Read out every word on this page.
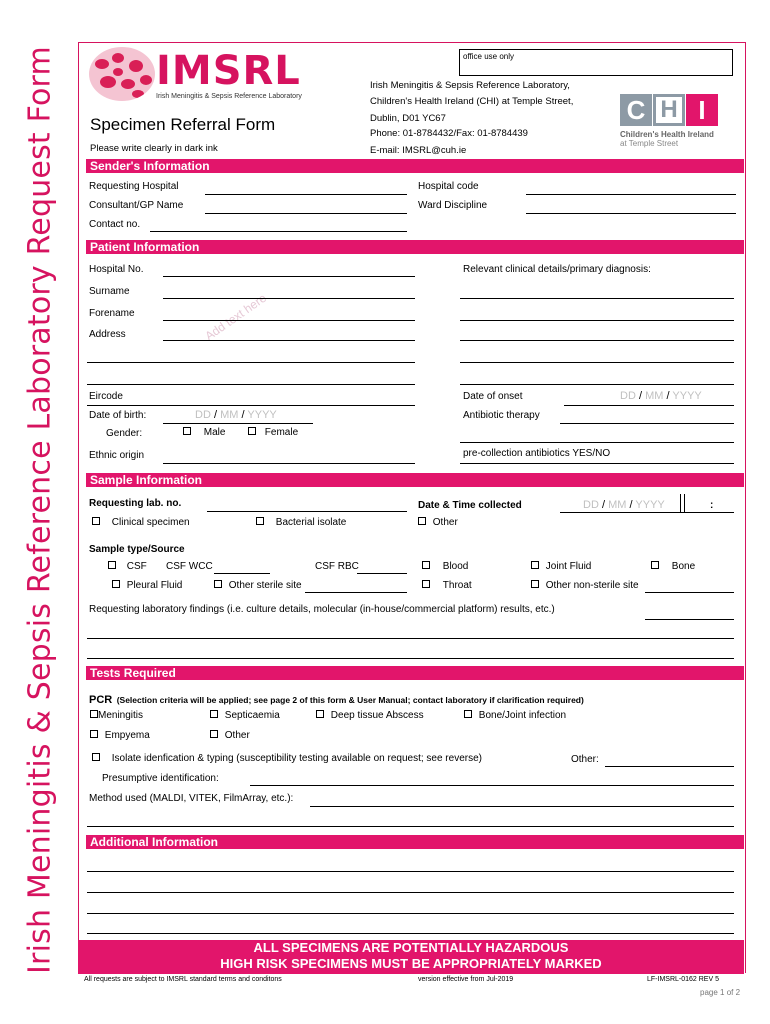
Irish Meningitis & Sepsis Reference Laboratory Request Form	office use only
IMSRL
Irish Meningitis & Sepsis Reference Laboratory
Irish Meningitis & Sepsis Reference Laboratory,
Children's Health Ireland (CHI) at Temple Street,
Dublin, D01 YC67
Phone: 01-8784432/Fax: 01-8784439
E-mail: IMSRL@cuh.ie
Specimen Referral Form
Please write clearly in dark ink
C H I
Children's Health Ireland
at Temple Street
Sender's Information
Requesting Hospital	Hospital code
Consultant/GP Name	Ward Discipline
Contact no.
Patient Information
Add text here
Hospital No.	Relevant clinical details/primary diagnosis:
Surname
Forename
Address
Eircode	Date of onset	DD / MM / YYYY
Date of birth:	DD / MM / YYYY	Antibiotic therapy
Gender:	Male	Female
Ethnic origin	pre-collection antibiotics YES/NO
Sample Information
Requesting lab. no.	Date & Time collected	DD / MM / YYYY	:
Clinical specimen	Bacterial isolate	Other
Sample type/Source
CSF CSF WCC	CSF RBC	Blood	Joint Fluid	Bone
Pleural Fluid	Other sterile site	Throat	Other non-sterile site
Requesting laboratory findings (i.e. culture details, molecular (in-house/commercial platform) results, etc.)
Tests Required
PCR (Selection criteria will be applied; see page 2 of this form & User Manual; contact laboratory if clarification required)
Meningitis	Septicaemia	Deep tissue Abscess	Bone/Joint infection
Empyema	Other
Isolate idenfication & typing (susceptibility testing available on request; see reverse)	Other:
Presumptive identification:
Method used (MALDI, VITEK, FilmArray, etc.):
Additional Information
ALL SPECIMENS ARE POTENTIALLY HAZARDOUS
HIGH RISK SPECIMENS MUST BE APPROPRIATELY MARKED
All requests are subject to IMSRL standard terms and conditons	version effective from Jul-2019	LF-IMSRL-0162 REV 5
page 1 of 2
